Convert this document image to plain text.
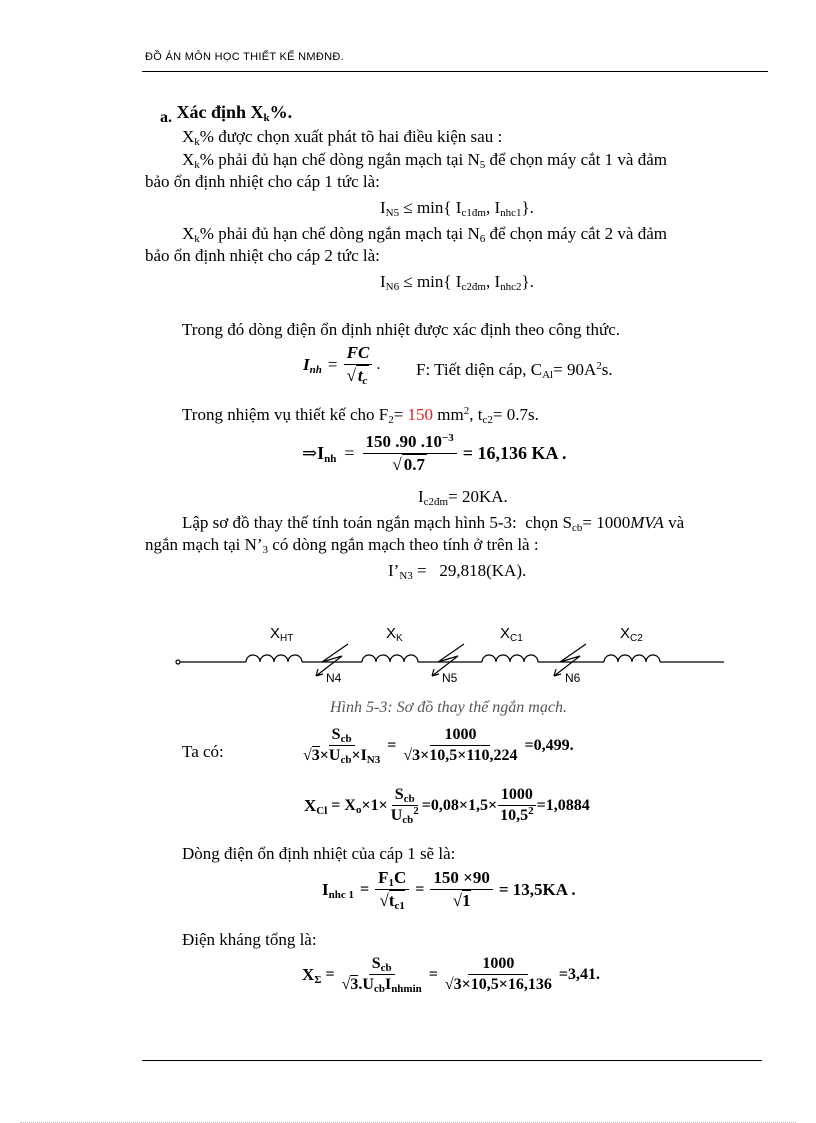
ĐỒ ÁN MÔN HỌC THIẾT KẾ NMĐNĐ.
a. Xác định $X_k\%$.
$X_k\%$ được chọn xuất phát tõ hai điều kiện sau :
$X_k\%$ phải đủ hạn chế dòng ngắn mạch tại $N_5$ để chọn máy cắt 1 và đảm
bảo ổn định nhiệt cho cáp 1 tức là:
$I_{N5} \le \min${ $I_{c1đm}$, $I_{nhc1}$}.
$X_k\%$ phải đủ hạn chế dòng ngắn mạch tại $N_6$ để chọn máy cắt 2 và đảm
bảo ổn định nhiệt cho cáp 2 tức là:
$I_{N6} \le \min${ $I_{c2đm}$, $I_{nhc2}$}.
Trong đó dòng điện ổn định nhiệt được xác định theo công thức.
$I_{nh} = \frac{FC}{√ t_c}$ . F: Tiết diện cáp, $C_{Al}= 90A^2s$.
Trong nhiệm vụ thiết kế cho $F_2= 150$ $mm^2$, $t_{c2}= 0.7s$.
⇒ $I_{nh} = \frac{150 .90 .10^{-3}}{√ 0.7} = 16,136$ KA .
$I_{c2đm}= 20KA$.
Lập sơ đồ thay thế tính toán ngắn mạch hình 5-3:  chọn $S_{cb}= 1000MVA$ và
ngắn mạch tại $N’_3$ có dòng ngắn mạch theo tính ở trên là :
$I’_{N3} = 29,818(KA)$.
$X_{HT}$	$X_K$	$X_{C1}$	$X_{C2}$
N4	N5	N6
Hình 5-3: Sơ đồ thay thế ngắn mạch.
Ta có:	$\frac{S_{cb}}{√3\times U_{cb}\times I_{N3}} = \frac{1000}{√3\times 10,5\times 110,224} =0,499$.
$X_{Cl} = X_o\times 1\times \frac{S_{cb}}{U_{cb}^2} =0,08\times 1,5\times \frac{1000}{10,5^2} =1,0884$
Dòng điện ổn định nhiệt của cáp 1 sẽ là:
$I_{nhc 1} = \frac{F_1C}{√t_{c1}} = \frac{150 \times 90}{√1} = 13,5KA$ .
Điện kháng tổng là:
$X_\Sigma = \frac{S_{cb}}{√3.U_{cb}I_{nhmin}} = \frac{1000}{√3\times 10,5\times 16,136} =3,41$.
